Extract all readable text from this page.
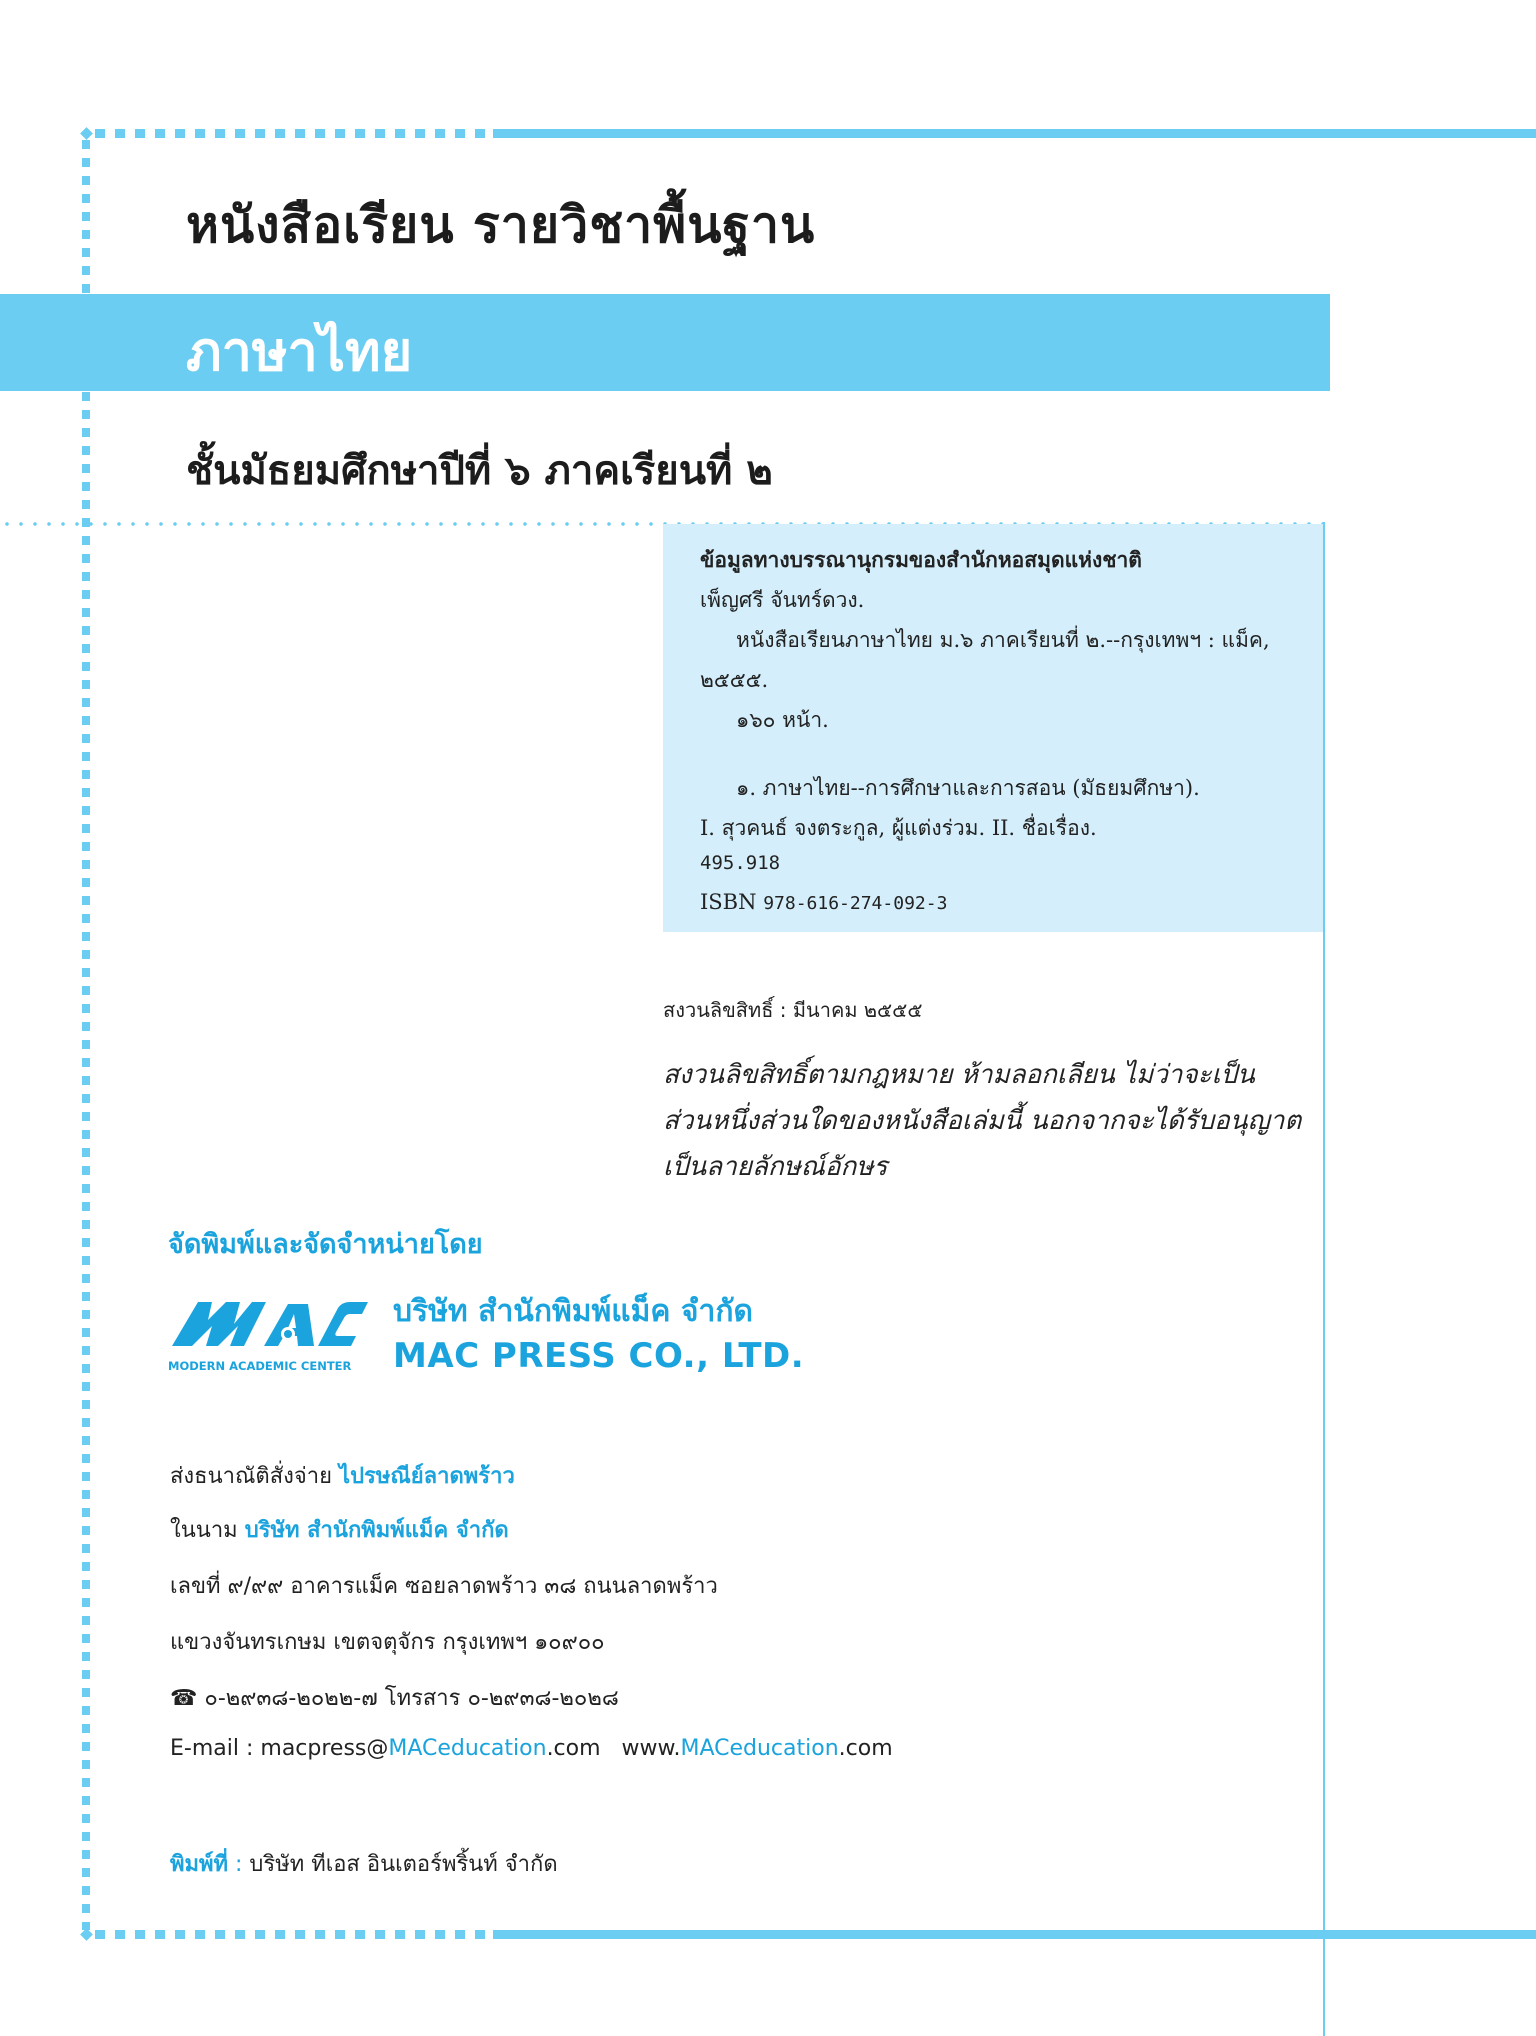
หนังสือเรียน รายวิชาพื้นฐาน
ภาษาไทย
ชั้นมัธยมศึกษาปีที่ ๖ ภาคเรียนที่ ๒
ข้อมูลทางบรรณานุกรมของสำนักหอสมุดแห่งชาติ
เพ็ญศรี จันทร์ดวง.
หนังสือเรียนภาษาไทย ม.๖ ภาคเรียนที่ ๒.--กรุงเทพฯ : แม็ค,
๒๕๕๕.
๑๖๐ หน้า.
๑. ภาษาไทย--การศึกษาและการสอน (มัธยมศึกษา).
I. สุวคนธ์ จงตระกูล, ผู้แต่งร่วม. II. ชื่อเรื่อง.
495.918
ISBN 978-616-274-092-3
สงวนลิขสิทธิ์ : มีนาคม ๒๕๕๕
สงวนลิขสิทธิ์ตามกฎหมาย ห้ามลอกเลียน ไม่ว่าจะเป็น
ส่วนหนึ่งส่วนใดของหนังสือเล่มนี้ นอกจากจะได้รับอนุญาต
เป็นลายลักษณ์อักษร
จัดพิมพ์และจัดจำหน่ายโดย
MODERN ACADEMIC CENTER
บริษัท สำนักพิมพ์แม็ค จำกัด
MAC PRESS CO., LTD.
ส่งธนาณัติสั่งจ่าย ไปรษณีย์ลาดพร้าว
ในนาม บริษัท สำนักพิมพ์แม็ค จำกัด
เลขที่ ๙/๙๙ อาคารแม็ค ซอยลาดพร้าว ๓๘ ถนนลาดพร้าว
แขวงจันทรเกษม เขตจตุจักร กรุงเทพฯ ๑๐๙๐๐
☎ ๐-๒๙๓๘-๒๐๒๒-๗ โทรสาร ๐-๒๙๓๘-๒๐๒๘
E-mail : macpress@MACeducation.com www.MACeducation.com
พิมพ์ที่ : บริษัท ทีเอส อินเตอร์พริ้นท์ จำกัด
